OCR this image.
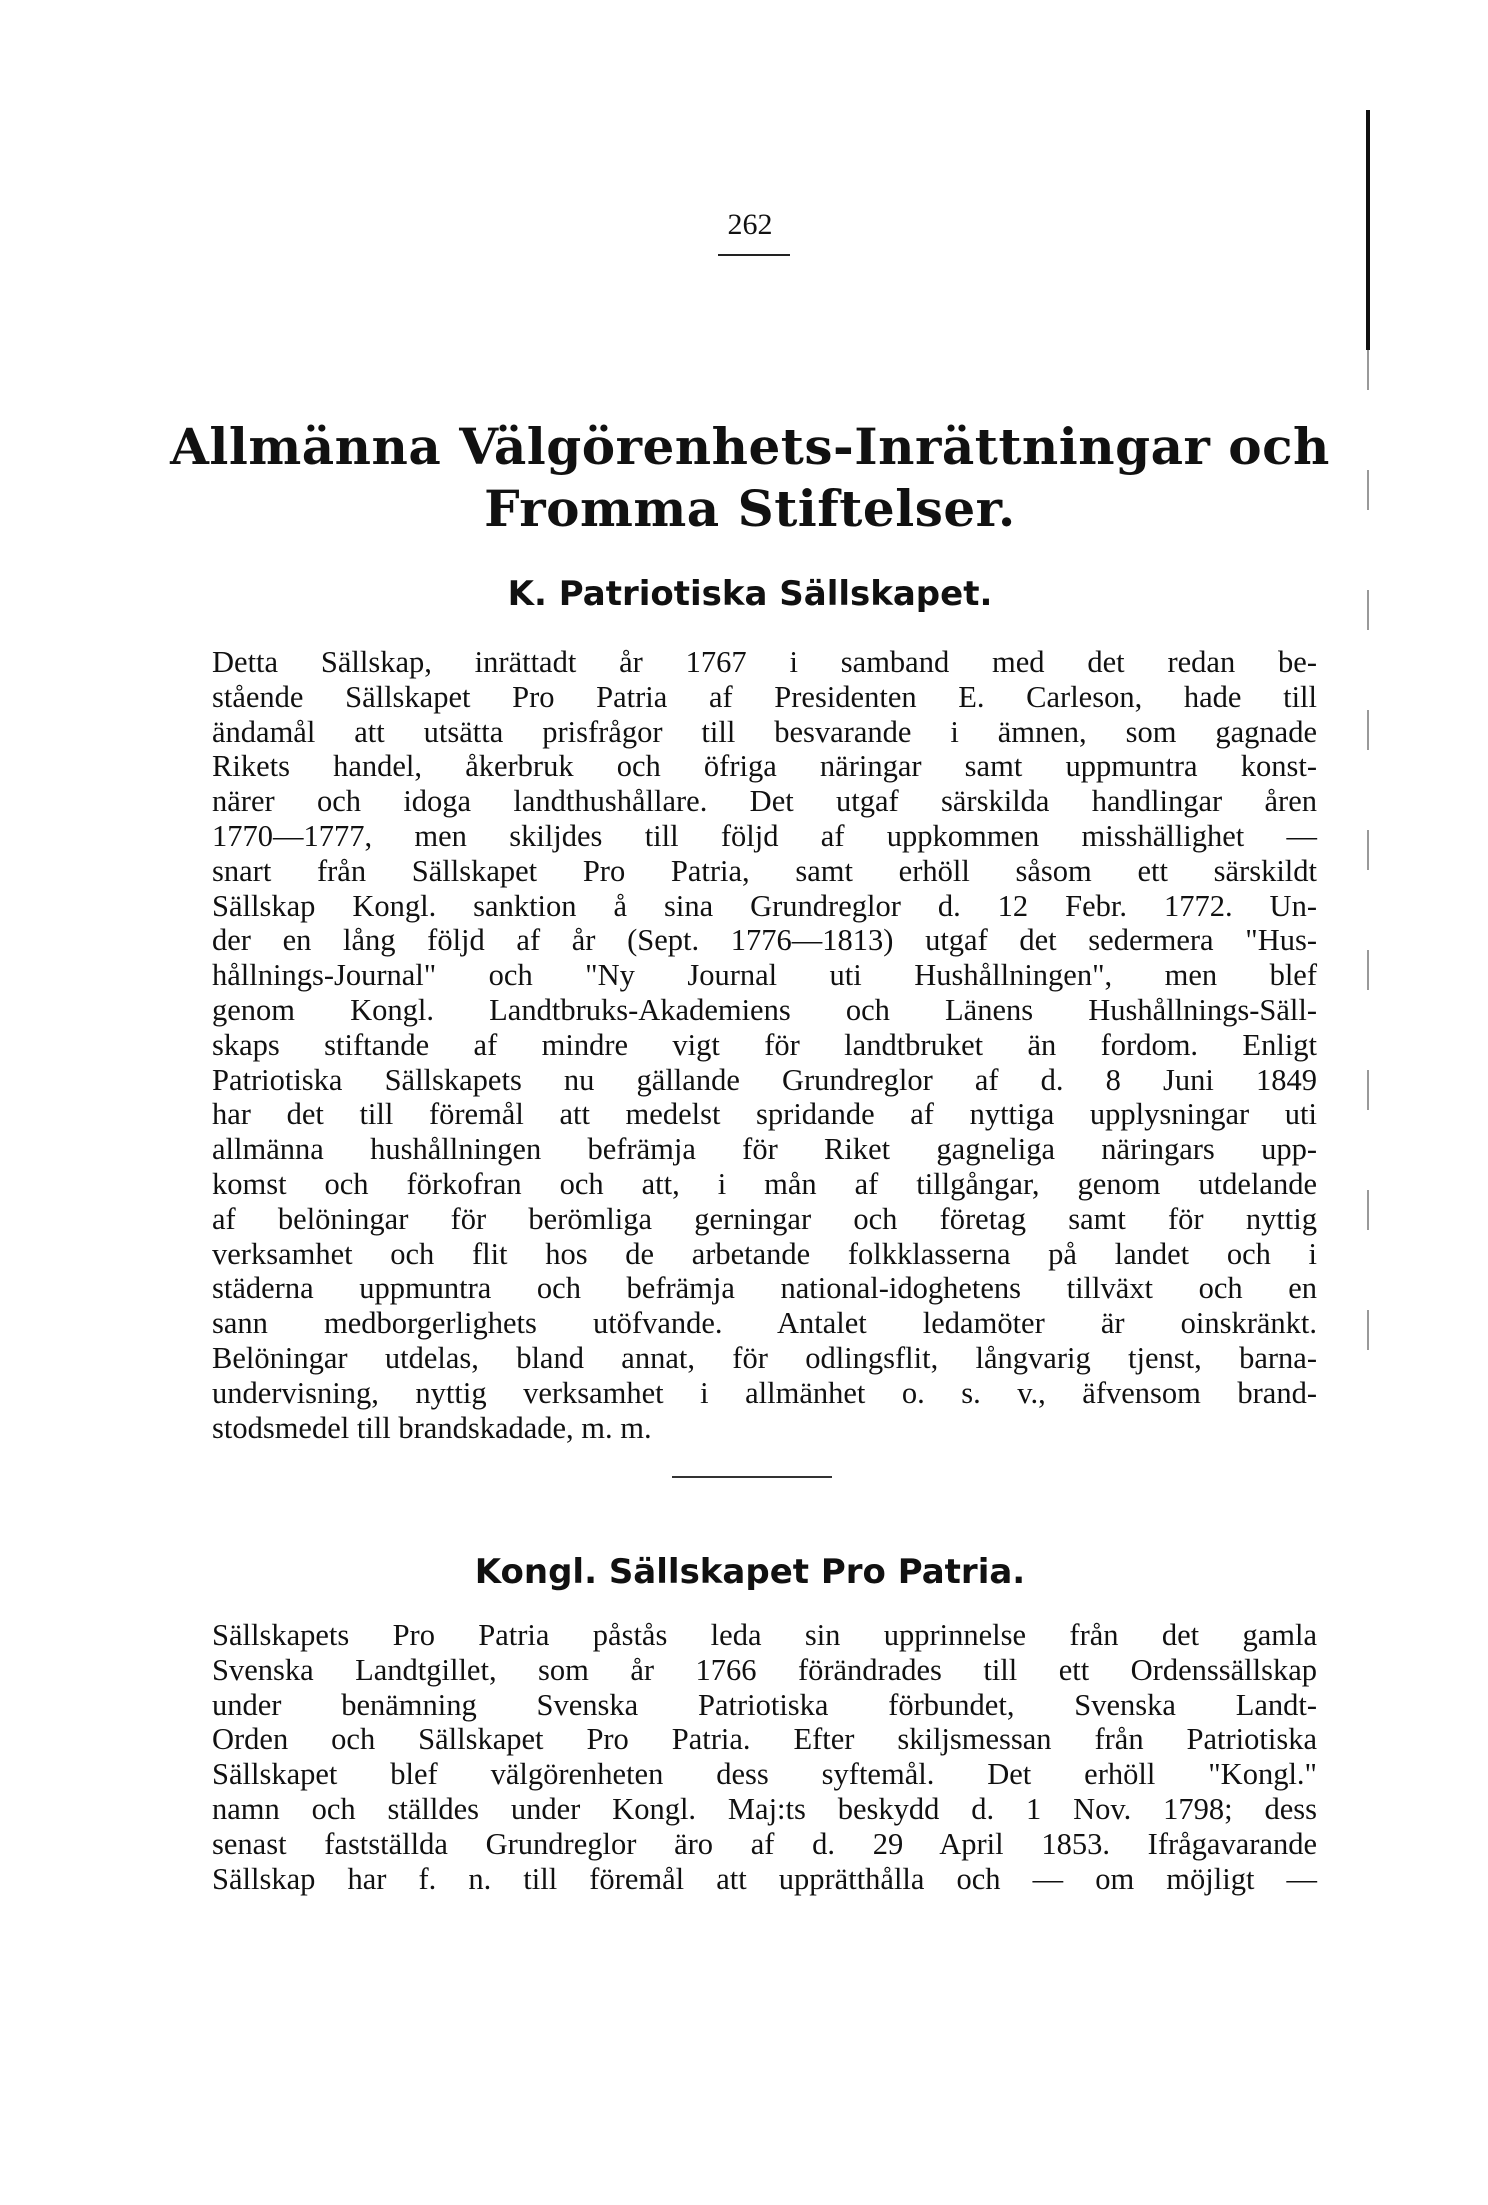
262
Allmänna Välgörenhets-Inrättningar och
Fromma Stiftelser.
K. Patriotiska Sällskapet.
Detta Sällskap, inrättadt år 1767 i samband med det redan be-
stående Sällskapet Pro Patria af Presidenten E. Carleson, hade till
ändamål att utsätta prisfrågor till besvarande i ämnen, som gagnade
Rikets handel, åkerbruk och öfriga näringar samt uppmuntra konst-
närer och idoga landthushållare. Det utgaf särskilda handlingar åren
1770—1777, men skiljdes till följd af uppkommen misshällighet —
snart från Sällskapet Pro Patria, samt erhöll såsom ett särskildt
Sällskap Kongl. sanktion å sina Grundreglor d. 12 Febr. 1772. Un-
der en lång följd af år (Sept. 1776—1813) utgaf det sedermera "Hus-
hållnings-Journal" och "Ny Journal uti Hushållningen", men blef
genom Kongl. Landtbruks-Akademiens och Länens Hushållnings-Säll-
skaps stiftande af mindre vigt för landtbruket än fordom. Enligt
Patriotiska Sällskapets nu gällande Grundreglor af d. 8 Juni 1849
har det till föremål att medelst spridande af nyttiga upplysningar uti
allmänna hushållningen befrämja för Riket gagneliga näringars upp-
komst och förkofran och att, i mån af tillgångar, genom utdelande
af belöningar för berömliga gerningar och företag samt för nyttig
verksamhet och flit hos de arbetande folkklasserna på landet och i
städerna uppmuntra och befrämja national-idoghetens tillväxt och en
sann medborgerlighets utöfvande. Antalet ledamöter är oinskränkt.
Belöningar utdelas, bland annat, för odlingsflit, långvarig tjenst, barna-
undervisning, nyttig verksamhet i allmänhet o. s. v., äfvensom brand-
stodsmedel till brandskadade, m. m.
Kongl. Sällskapet Pro Patria.
Sällskapets Pro Patria påstås leda sin upprinnelse från det gamla
Svenska Landtgillet, som år 1766 förändrades till ett Ordenssällskap
under benämning Svenska Patriotiska förbundet, Svenska Landt-
Orden och Sällskapet Pro Patria. Efter skiljsmessan från Patriotiska
Sällskapet blef välgörenheten dess syftemål. Det erhöll "Kongl."
namn och ställdes under Kongl. Maj:ts beskydd d. 1 Nov. 1798; dess
senast fastställda Grundreglor äro af d. 29 April 1853. Ifrågavarande
Sällskap har f. n. till föremål att upprätthålla och — om möjligt —
